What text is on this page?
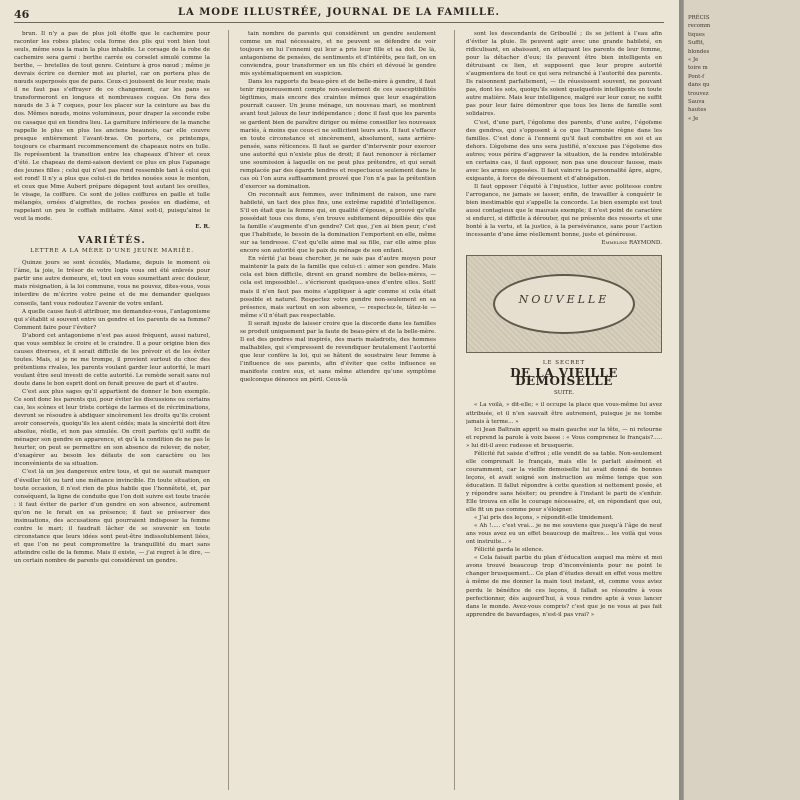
46	LA MODE ILLUSTRÉE, JOURNAL DE LA FAMILLE.

brun. Il n’y a pas de plus joli étoffe que le cachemire pour raconter les robes plates; cela forme des plis qui vont bien tout seuls, même sous la main la plus inhabile. Le corsage de la robe de cachemire sera garni : berthe carrée ou corselet simulé comme la berthe, — bretelles de tout genre. Ceinture à gros nœud ; même je devrais écrire ce dernier mot au pluriel, car on portera plus de nœuds superposés que de pans. Ceux-ci jouissent de leur reste; mais il ne faut pas s’effrayer de ce changement, car les pans se transformeront en longues et nombreuses coques. On fera des nœuds de 3 à 7 coques, pour les placer sur la ceinture au bas du dos. Mêmes nœuds, moins volumineux, pour draper la seconde robe ou casaque qui en tiendra lieu. La garniture inférieure de la manche rappelle le plus en plus les anciens beaunois, car elle couvre presque entièrement l’avant-bras. On portera, ce printemps, toujours ce charmant recommencement de chapeaux noirs en tulle. Ils représentent la transition entre les chapeaux d’hiver et ceux d’été. Le chapeau de demi-saison devient ce plus en plus l’apanage des jeunes filles ; celui qui n’est pas rond ressemble tant à celui qui est rond! Il n’y a plus que celui-ci de brides nouées sous le menton, et ceux que Mme Aubert prépare dégagent tout autant les oreilles, le visage, la coiffure. Ce sont de jolies coiffures en paille et tulle mélangés, ornées d’aigrettes, de roches posées en diadème, et rappelant un peu le coffiah militaire. Ainsi soit-il, puisqu’ainsi le veut la mode.

E. R.

VARIÉTÉS.
LETTRE A LA MÈRE D’UNE JEUNE MARIÉE.

Quinze jours se sont écoulés, Madame, depuis le moment où l’âme, la joie, le trésor de votre logis vous ont été enlevés pour partir une autre demeure, et, tout en vous soumettant avec douleur, mais résignation, à la loi commune, vous ne pouvez, dites-vous, vous interdire de m’écrire votre peine et de me demander quelques conseils, tant vous redoutez l’avenir de votre enfant.

A quelle cause faut-il attribuer, me demandez-vous, l’antagonisme qui s’établit si souvent entre un gendre et les parents de sa femme? Comment faire pour l’éviter?

D’abord cet antagonisme n’est pas aussi fréquent, aussi naturel, que vous semblez le croire et le craindre. Il a pour origine bien des causes diverses, et il serait difficile de les prévoir et de les éviter toutes. Mais, si je ne me trompe, il provient surtout du choc des prétentions rivales, les parents voulant garder leur autorité, le mari voulant être seul investi de cette autorité. Le remède serait sans nul doute dans le bon esprit dont on ferait preuve de part et d’autre.

C’est aux plus sages qu’il appartient de donner le bon exemple. Ce sont donc les parents qui, pour éviter les discussions ou certains cas, les scènes et leur triste cortège de larmes et de récriminations, devront se résoudre à abdiquer sincèrement les droits qu’ils croient avoir conservés, quoiqu’ils les aient cédés; mais la sincérité doit être absolue, réelle, et non pas simulée. On croit parfois qu’il suffit de ménager son gendre en apparence, et qu’à la condition de ne pas le heurter, on peut se permettre en son absence de relever, de noter, d’exagérer au besoin les défauts de son caractère ou les inconvénients de sa situation.

C’est là un jeu dangereux entre tous, et qui ne saurait manquer d’éveiller tôt ou tard une méfiance invincible. En toute situation, en toute occasion, il n’est rien de plus habile que l’honnêteté, et, par conséquent, la ligne de conduite que l’on doit suivre est toute tracée : il faut éviter de parler d’un gendre en son absence, autrement qu’on ne le ferait en sa présence; il faut se préserver des insinuations, des accusations qui pourraient indisposer la femme contre le mari; il faudrait lâcher de se souvenir en toute circonstance que leurs idées sont peut-être indissolublement liées, et que l’on ne peut compromettre la tranquillité du mari sans atteindre celle de la femme. Mais il existe, — j’ai regret à le dire, — un certain nombre de parents qui considèrent un gendre.

tain nombre de parents qui considèrent un gendre seulement comme un mal nécessaire, et ne peuvent se défendre de voir toujours en lui l’ennemi qui leur a pris leur fille et sa dot. De là, antagonisme de pensées, de sentiments et d’intérêts, peu fait, on en conviendra, pour transformer en un fils chéri et dévoué le gendre mis systématiquement en suspicion.

Dans les rapports du beau-père et de belle-mère à gendre, il faut tenir rigoureusement compte non-seulement de ces susceptibilités légitimes, mais encore des craintes mêmes que leur exagération pourrait causer. Un jeune ménage, un nouveau mari, se montrent avant tout jaloux de leur indépendance ; donc il faut que les parents se gardent bien de paraître diriger ou même conseiller les nouveaux mariés, à moins que ceux-ci ne sollicitent leurs avis. Il faut s’effacer en toute circonstance et sincèrement, absolument, sans arrière-pensée, sans réticences. Il faut se garder d’intervenir pour exercer une autorité qui n’existe plus de droit; il faut renoncer à réclamer une soumission à laquelle on ne peut plus prétendre, et qui serait remplacée par des égards tendres et respectueux seulement dans le cas où l’on aura suffisamment prouvé que l’on n’a pas la prétention d’exercer sa domination.

On reconnaît aux femmes, avec infiniment de raison, une rare habileté, un tact des plus fins, une extrême rapidité d’intelligence. S’il en était que la femme qui, en qualité d’épouse, a prouvé qu’elle possédait tous ces dons, s’en trouve subitement dépouillée dès que la famille s’augmente d’un gendre? Cet que, j’en ai bien peur, c’est que l’habitude, le besoin de la domination l’emportent en elle, même sur sa tendresse. C’est qu’elle aime mal sa fille, car elle aime plus encore son autorité que le paix du ménage de son enfant.

En vérité j’ai beau chercher, je ne sais pas d’autre moyen pour maintenir la paix de la famille que celui-ci : aimer son gendre. Mais cela est bien difficile, dirent en grand nombre de belles-mères, — cela est impossible!... s’écrieront quelques-unes d’entre elles. Soit! mais il n’en faut pas moins s’appliquer à agir comme si cela était possible et naturel. Respectez votre gendre non-seulement en sa présence, mais surtout en son absence, — respectez-le, tâtez-le — même s’il n’était pas respectable.

Il serait injuste de laisser croire que la discorde dans les familles se produit uniquement par la faute de beau-père et de la belle-mère. Il est des gendres mal inspirés, des maris maladroits, des hommes malhabiles, qui s’empressent de revendiquer brutalement l’autorité que leur confère la loi, qui se hâtent de soustraire leur femme à l’influence de ses parents, afin d’éviter que cette influence se manifeste contre eux, et sans même attendre qu’une symptôme quelconque dénonce un péril. Ceux-là

sont les descendants de Griboullé ; ils se jettent à l’eau afin d’éviter la pluie. Ils peuvent agir avec une grande habileté, en ridiculisant, en abaissant, en attaquant les parents de leur femme, pour la détacher d’eux; ils peuvent être bien intelligents en détruisant ce lien, et supposent que leur propre autorité s’augmentera de tout ce qui sera retranché à l’autorité des parents. Ils raisonnent parfaitement, — ils réussissent souvent, ne pouvant pas, dont les sots, quoiqu’ils soient quelquefois intelligents en toute autre matière. Mais leur intelligence, malgré sur leur cœur, ne suffit pas pour leur faire démontrer que tous les liens de famille sont solidaires.

C’est, d’une part, l’égoïsme des parents, d’une autre, l’égoïsme des gendres, qui s’opposent à ce que l’harmonie règne dans les familles. C’est donc à l’ennemi qu’il faut combattre en soi et au dehors. L’égoïsme des uns sera justifié, n’excuse pas l’égoïsme des autres; vous périra d’aggraver la situation, de la rendre intolérable en certains cas, il faut opposer, non pas une douceur fausse, mais avec les armes opposées. Il faut vaincre la personnalité âpre, aigre, exigeante, à force de dévouement et d’abnégation.

Il faut opposer l’équité à l’injustice, lutter avec politesse contre l’arrogance, ne jamais se lasser, enfin, de travailler à conquérir le bien inestimable qui s’appelle la concorde. Le bien exemple est tout aussi contagieux que le mauvais exemple; il n’est point de caractère si endurci, si difficile à dérouter, qui ne présente des ressorts et une bonté à la vertu, et la justice, à la persévérance, sans pour l’action incessante d’une âme réellement bonne, juste et généreuse.

Emmeline RAYMOND.

NOUVELLE
LE SECRET
DE LA VIEILLE DEMOISELLE
SUITE.

« La voilà, » dit-elle; « il occupe la place que vous-même lui avez attribuée, et il n’en sauvait être autrement, puisque je ne tombe jamais à terme... »

Ici Jean Baltrain apprit sa main gauche sur la tête, — ni retourne et reprend la parole à voix basse : « Vous comprenez le français?..... » lui dit-il avec rudesse et brusquerie.

Félicité fut saisie d’effroi ; elle vendit de sa table. Non-seulement elle comprenait le français, mais elle le parlait aisément et couramment, car la vieille demoiselle lui avait donné de bonnes leçons, et avait soigné son instruction au même temps que son éducation. Il fallut répondre à cette question si nettement posée, et y répondre sans hésiter; ou prendre à l’instant le parti de s’enfuir. Elle trouva en elle le courage nécessaire, et, en répondant que oui, elle fit un pas comme pour s’éloigner.

« J’ai pris des leçons, » répondit-elle timidement.

« Ah !..... c’est vrai... je ne me souviens que jusqu’à l’âge de neuf ans vous avez eu un effet beaucoup de maîtres... les voilà qui vous ont instruite... »

Félicité garda le silence.

« Cela faisait partie du plan d’éducation auquel ma mère et moi avons trouvé beaucoup trop d’inconvénients pour ne point le changer brusquement... Ce plan d’études devait en effet vous mettre à même de me donner la main tout instant, et, comme vous aviez perdu le bénéfice de ces leçons, il fallait se résoudre à vous perfectionner, dès aujourd’hui, à vous rendre apte à vous lancer dans le monde. Avez-vous compris? c’est que je ne vous ai pas fait apprendre de bavardages, n’est-il pas vrai? »

PRÉCIS
recomm
tiques
Suffit,
blondes
« Je
toire m
Pont-f
dans qu
trouvez
Sauva
hautes
« Je
